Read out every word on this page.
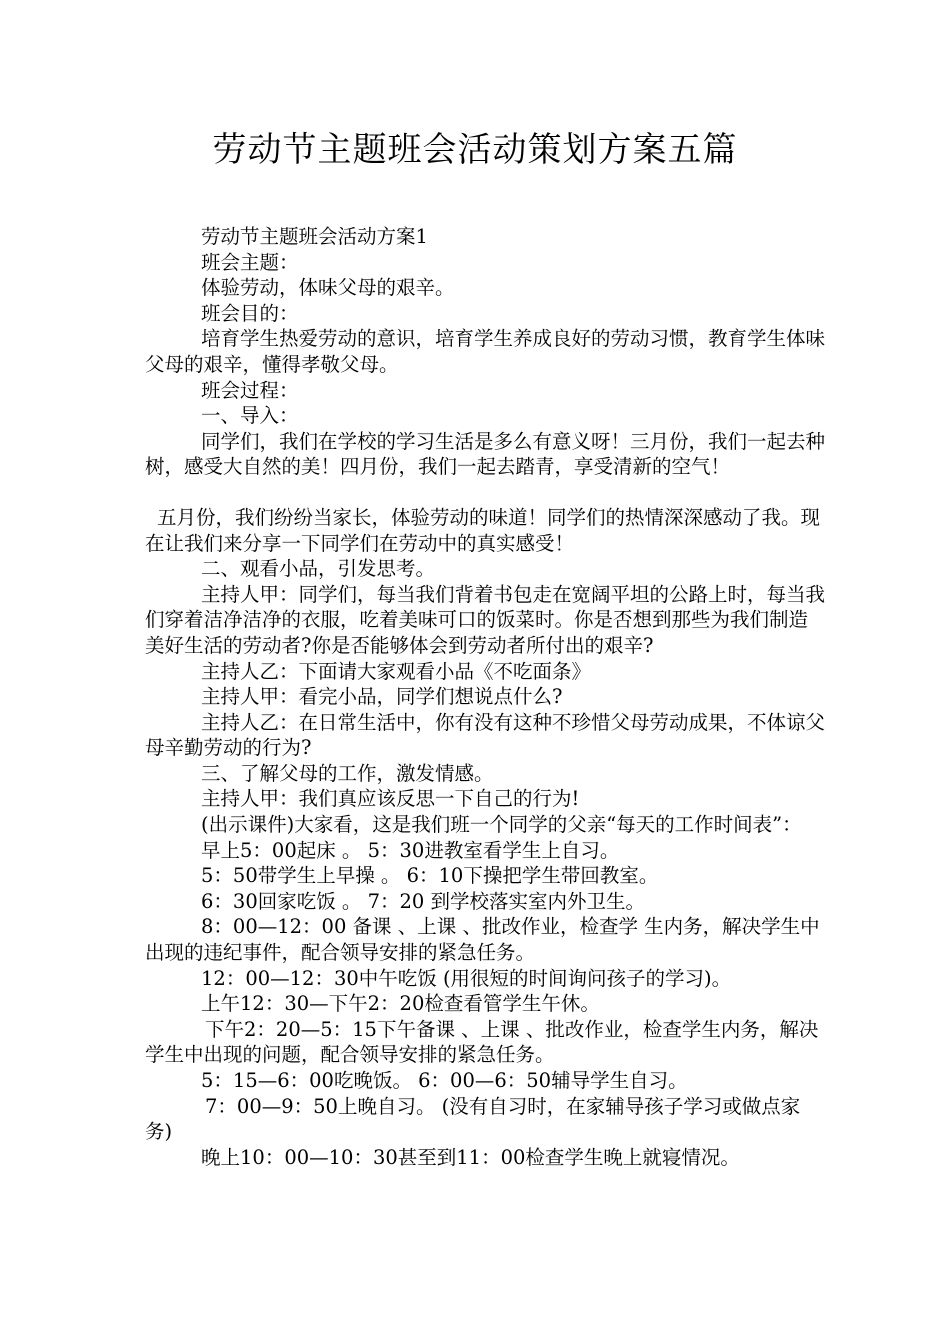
劳动节主题班会活动策划方案五篇

劳动节主题班会活动方案1

班会主题：

体验劳动，体味父母的艰辛。

班会目的：

培育学生热爱劳动的意识，培育学生养成良好的劳动习惯，教育学生体味父母的艰辛，懂得孝敬父母。

班会过程：

一、导入：

同学们，我们在学校的学习生活是多么有意义呀！三月份，我们一起去种树，感受大自然的美！四月份，我们一起去踏青，享受清新的空气！

五月份，我们纷纷当家长，体验劳动的味道！同学们的热情深深感动了我。现在让我们来分享一下同学们在劳动中的真实感受！

二、观看小品，引发思考。

主持人甲：同学们，每当我们背着书包走在宽阔平坦的公路上时，每当我们穿着洁净洁净的衣服，吃着美味可口的饭菜时。你是否想到那些为我们制造美好生活的劳动者?你是否能够体会到劳动者所付出的艰辛?

主持人乙：下面请大家观看小品《不吃面条》

主持人甲：看完小品，同学们想说点什么?

主持人乙：在日常生活中，你有没有这种不珍惜父母劳动成果，不体谅父母辛勤劳动的行为?

三、了解父母的工作，激发情感。

主持人甲：我们真应该反思一下自己的行为!

(出示课件)大家看，这是我们班一个同学的父亲“每天的工作时间表”：

早上5：00起床 。 5：30进教室看学生上自习。

5：50带学生上早操 。 6：10下操把学生带回教室。

6：30回家吃饭 。 7：20 到学校落实室内外卫生。

8：00—12：00 备课 、上课 、批改作业，检查学 生内务，解决学生中出现的违纪事件，配合领导安排的紧急任务。

12：00—12：30中午吃饭 (用很短的时间询问孩子的学习)。

上午12：30—下午2：20检查看管学生午休。

下午2：20—5：15下午备课 、上课 、批改作业，检查学生内务，解决学生中出现的问题，配合领导安排的紧急任务。

5：15—6：00吃晚饭。 6：00—6：50辅导学生自习。

7：00—9：50上晚自习。 (没有自习时，在家辅导孩子学习或做点家务)

晚上10：00—10：30甚至到11：00检查学生晚上就寝情况。
